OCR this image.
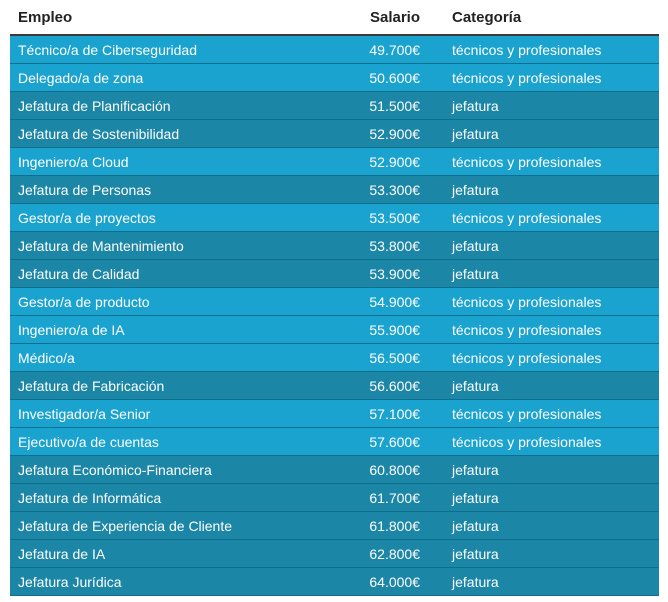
Empleo	Salario	Categoría
Técnico/a de Ciberseguridad	49.700€	técnicos y profesionales
Delegado/a de zona	50.600€	técnicos y profesionales
Jefatura de Planificación	51.500€	jefatura
Jefatura de Sostenibilidad	52.900€	jefatura
Ingeniero/a Cloud	52.900€	técnicos y profesionales
Jefatura de Personas	53.300€	jefatura
Gestor/a de proyectos	53.500€	técnicos y profesionales
Jefatura de Mantenimiento	53.800€	jefatura
Jefatura de Calidad	53.900€	jefatura
Gestor/a de producto	54.900€	técnicos y profesionales
Ingeniero/a de IA	55.900€	técnicos y profesionales
Médico/a	56.500€	técnicos y profesionales
Jefatura de Fabricación	56.600€	jefatura
Investigador/a Senior	57.100€	técnicos y profesionales
Ejecutivo/a de cuentas	57.600€	técnicos y profesionales
Jefatura Económico-Financiera	60.800€	jefatura
Jefatura de Informática	61.700€	jefatura
Jefatura de Experiencia de Cliente	61.800€	jefatura
Jefatura de IA	62.800€	jefatura
Jefatura Jurídica	64.000€	jefatura
